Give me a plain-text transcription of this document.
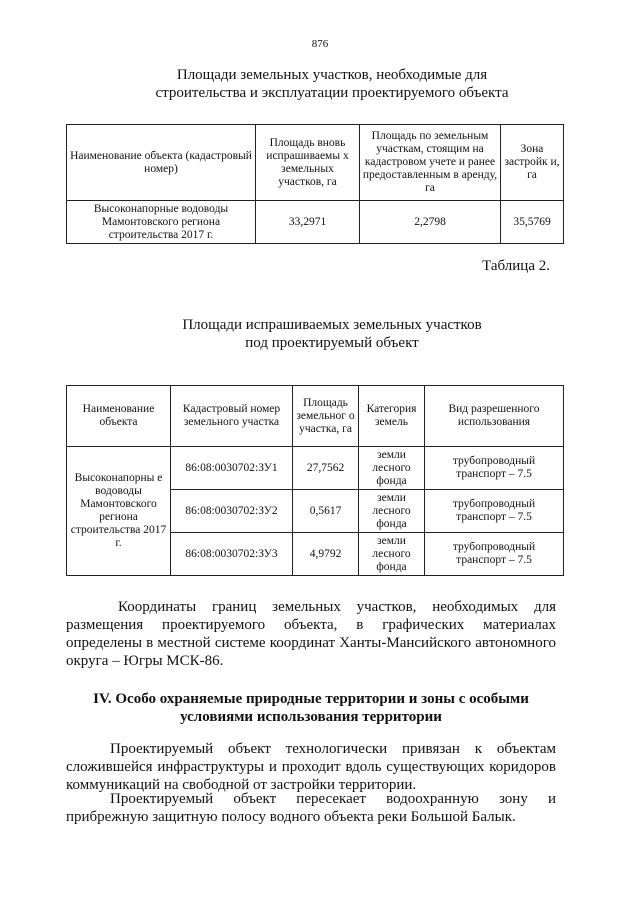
876
Площади земельных участков, необходимые для
строительства и эксплуатации проектируемого объекта
Наименование объекта (кадастровый номер)	Площадь вновь испрашиваемы х земельных участков, га	Площадь по земельным участкам, стоящим на кадастровом учете и ранее предоставленным в аренду, га	Зона застройк и, га
Высоконапорные водоводы Мамонтовского региона строительства 2017 г.	33,2971	2,2798	35,5769
Таблица 2.
Площади испрашиваемых земельных участков
под проектируемый объект
Наименование объекта	Кадастровый номер земельного участка	Площадь земельног о участка, га	Категория земель	Вид разрешенного использования
Высоконапорны е водоводы Мамонтовского региона строительства 2017 г.	86:08:0030702:ЗУ1	27,7562	земли лесного фонда	трубопроводный транспорт – 7.5
	86:08:0030702:ЗУ2	0,5617	земли лесного фонда	трубопроводный транспорт – 7.5
	86:08:0030702:ЗУ3	4,9792	земли лесного фонда	трубопроводный транспорт – 7.5
Координаты границ земельных участков, необходимых для размещения проектируемого объекта, в графических материалах определены в местной системе координат Ханты-Мансийского автономного округа – Югры МСК-86.
IV. Особо охраняемые природные территории и зоны с особыми
условиями использования территории
Проектируемый объект технологически привязан к объектам сложившейся инфраструктуры и проходит вдоль существующих коридоров коммуникаций на свободной от застройки территории.
Проектируемый объект пересекает водоохранную зону и прибрежную защитную полосу водного объекта реки Большой Балык.
